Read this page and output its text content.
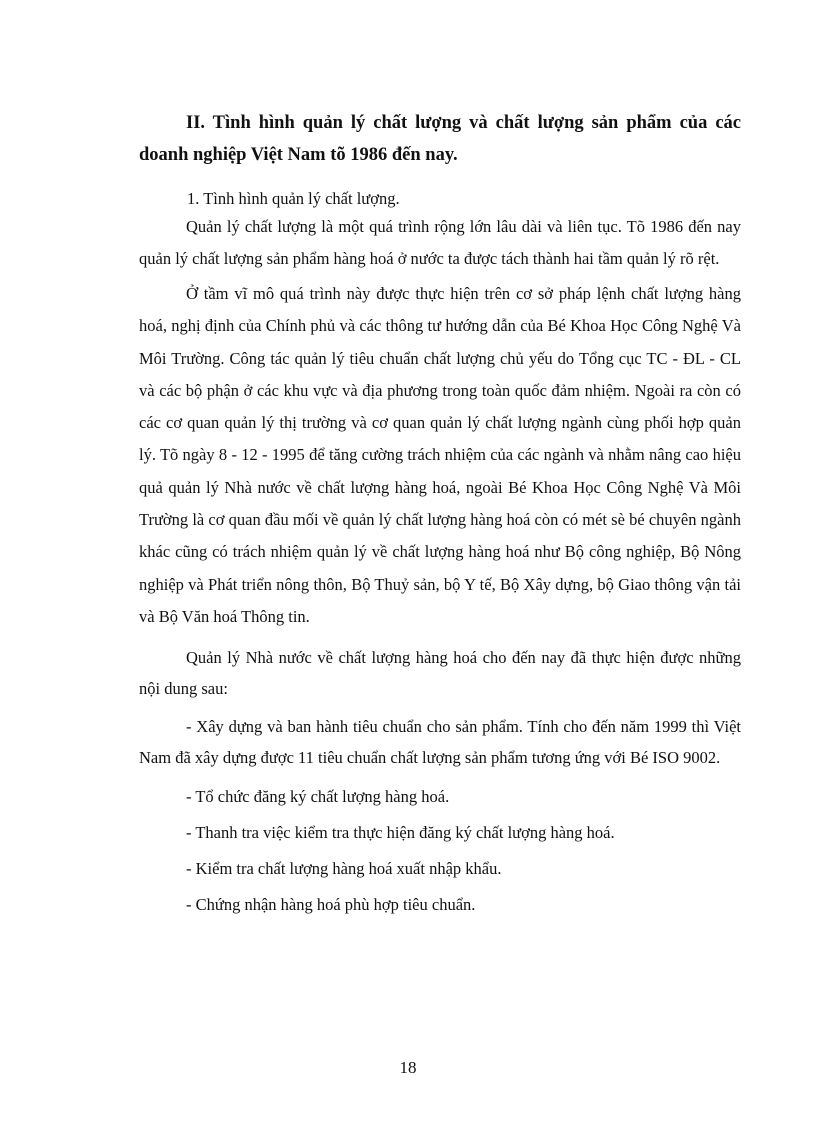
II. Tình hình quản lý chất lượng và chất lượng sản phẩm của các doanh nghiệp Việt Nam tõ 1986 đến nay.

1. Tình hình quản lý chất lượng.

Quản lý chất lượng là một quá trình rộng lớn lâu dài và liên tục. Tõ 1986 đến nay quản lý chất lượng sản phẩm hàng hoá ở nước ta được tách thành hai tầm quản lý rõ rệt.

Ở tầm vĩ mô quá trình này được thực hiện trên cơ sở pháp lệnh chất lượng hàng hoá, nghị định của Chính phủ và các thông tư hướng dẫn của Bé Khoa Học Công Nghệ Và Môi Trường. Công tác quản lý tiêu chuẩn chất lượng chủ yếu do Tổng cục TC - ĐL - CL và các bộ phận ở các khu vực và địa phương trong toàn quốc đảm nhiệm. Ngoài ra còn có các cơ quan quản lý thị trường và cơ quan quản lý chất lượng ngành cùng phối hợp quản lý. Tõ ngày 8 - 12 - 1995 để tăng cường trách nhiệm của các ngành và nhằm nâng cao hiệu quả quản lý Nhà nước về chất lượng hàng hoá, ngoài Bé Khoa Học Công Nghệ Và Môi Trường là cơ quan đầu mối về quản lý chất lượng hàng hoá còn có mét sè bé chuyên ngành khác cũng có trách nhiệm quản lý về chất lượng hàng hoá như Bộ công nghiệp, Bộ Nông nghiệp và Phát triển nông thôn, Bộ Thuỷ sản, bộ Y tế, Bộ Xây dựng, bộ Giao thông vận tải và Bộ Văn hoá Thông tin.

Quản lý Nhà nước về chất lượng hàng hoá cho đến nay đã thực hiện được những nội dung sau:

- Xây dựng và ban hành tiêu chuẩn cho sản phẩm. Tính cho đến năm 1999 thì Việt Nam đã xây dựng được 11 tiêu chuẩn chất lượng sản phẩm tương ứng với Bé ISO 9002.

- Tổ chức đăng ký chất lượng hàng hoá.

- Thanh tra việc kiểm tra thực hiện đăng ký chất lượng hàng hoá.

- Kiểm tra chất lượng hàng hoá xuất nhập khẩu.

- Chứng nhận hàng hoá phù hợp tiêu chuẩn.

18
